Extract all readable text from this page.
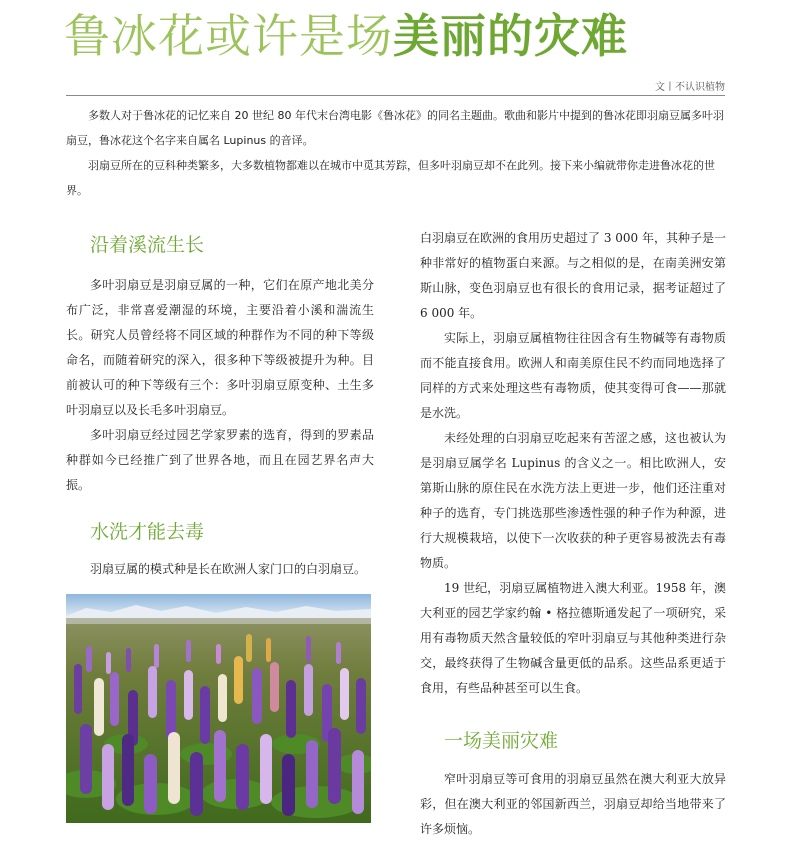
鲁冰花或许是场美丽的灾难
文丨不认识植物

多数人对于鲁冰花的记忆来自 20 世纪 80 年代末台湾电影《鲁冰花》的同名主题曲。歌曲和影片中提到的鲁冰花即羽扇豆属多叶羽扇豆，鲁冰花这个名字来自属名 Lupinus 的音译。

羽扇豆所在的豆科种类繁多，大多数植物都难以在城市中觅其芳踪，但多叶羽扇豆却不在此列。接下来小编就带你走进鲁冰花的世界。

沿着溪流生长

多叶羽扇豆是羽扇豆属的一种，它们在原产地北美分布广泛，非常喜爱潮湿的环境，主要沿着小溪和湍流生长。研究人员曾经将不同区域的种群作为不同的种下等级命名，而随着研究的深入，很多种下等级被提升为种。目前被认可的种下等级有三个：多叶羽扇豆原变种、土生多叶羽扇豆以及长毛多叶羽扇豆。

多叶羽扇豆经过园艺学家罗素的选育，得到的罗素品种群如今已经推广到了世界各地，而且在园艺界名声大振。

水洗才能去毒

羽扇豆属的模式种是长在欧洲人家门口的白羽扇豆。

白羽扇豆在欧洲的食用历史超过了 3 000 年，其种子是一种非常好的植物蛋白来源。与之相似的是，在南美洲安第斯山脉，变色羽扇豆也有很长的食用记录，据考证超过了 6 000 年。

实际上，羽扇豆属植物往往因含有生物碱等有毒物质而不能直接食用。欧洲人和南美原住民不约而同地选择了同样的方式来处理这些有毒物质，使其变得可食——那就是水洗。

未经处理的白羽扇豆吃起来有苦涩之感，这也被认为是羽扇豆属学名 Lupinus 的含义之一。相比欧洲人，安第斯山脉的原住民在水洗方法上更进一步，他们还注重对种子的选育，专门挑选那些渗透性强的种子作为种源，进行大规模栽培，以使下一次收获的种子更容易被洗去有毒物质。

19 世纪，羽扇豆属植物进入澳大利亚。1958 年，澳大利亚的园艺学家约翰 • 格拉德斯通发起了一项研究，采用有毒物质天然含量较低的窄叶羽扇豆与其他种类进行杂交，最终获得了生物碱含量更低的品系。这些品系更适于食用，有些品种甚至可以生食。

一场美丽灾难

窄叶羽扇豆等可食用的羽扇豆虽然在澳大利亚大放异彩，但在澳大利亚的邻国新西兰，羽扇豆却给当地带来了许多烦恼。
